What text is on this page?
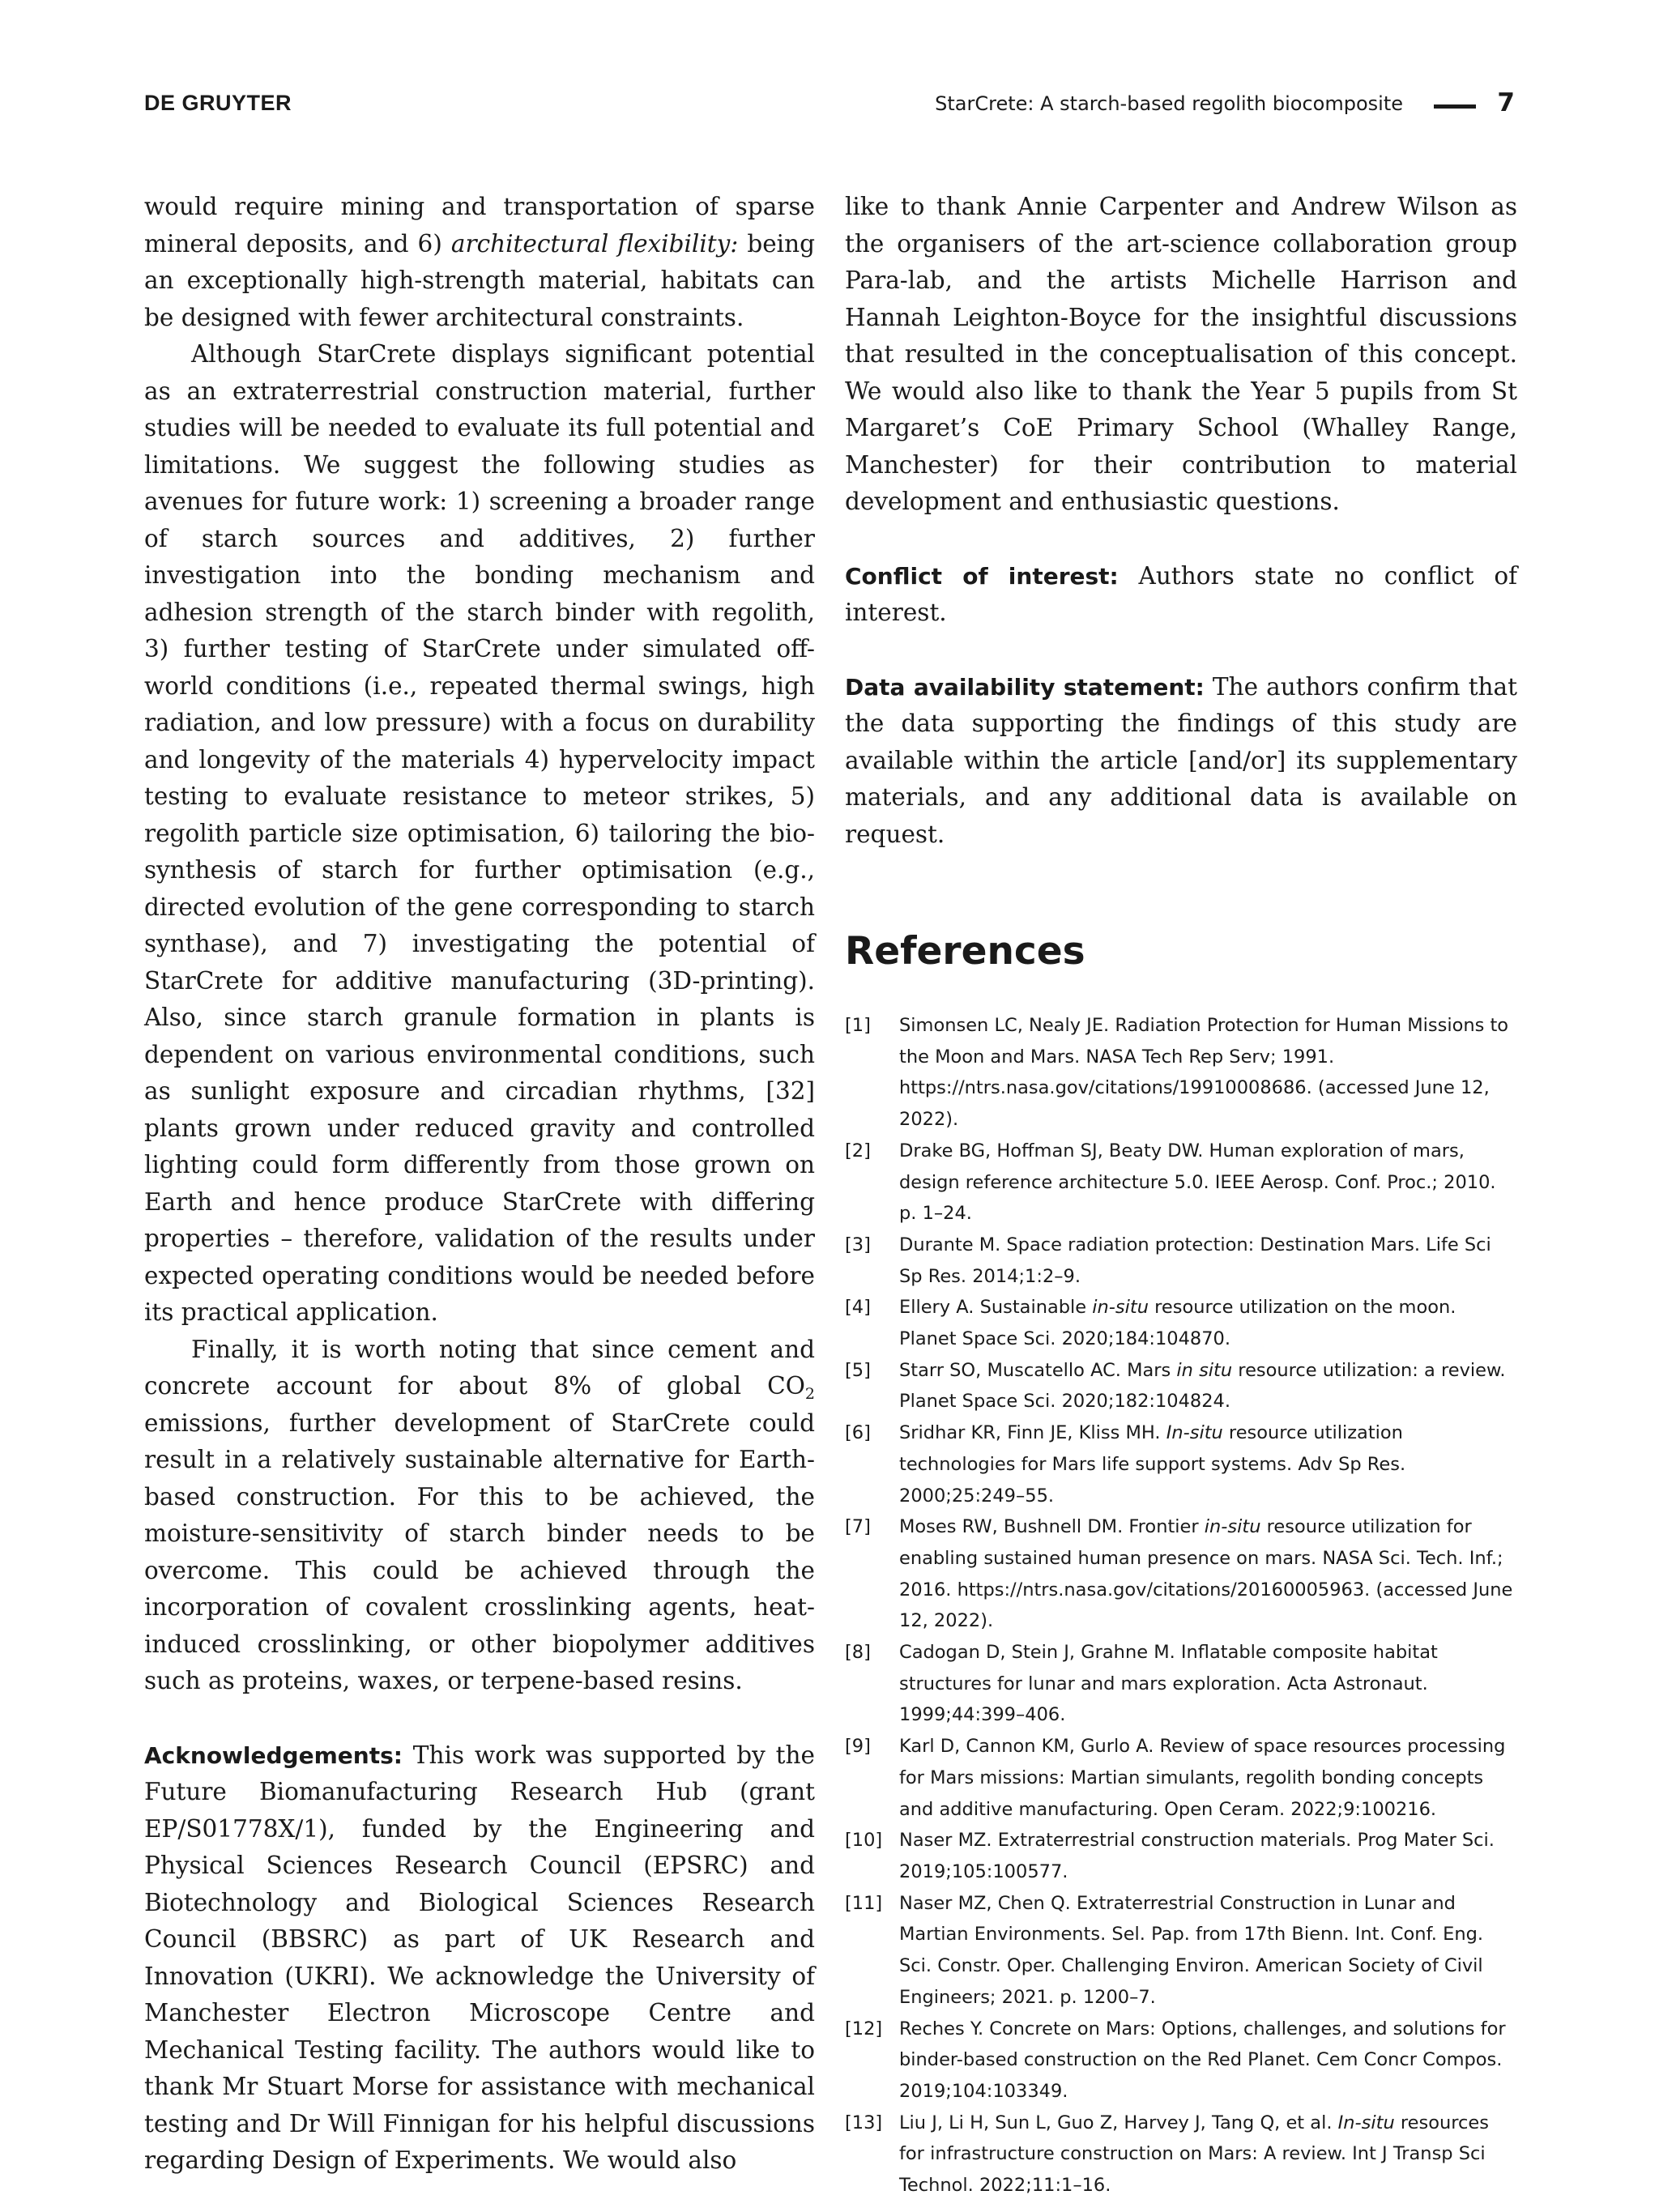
DE GRUYTER	StarCrete: A starch-based regolith biocomposite	7

would require mining and transportation of sparse mineral deposits, and 6) architectural flexibility: being an exceptionally high-strength material, habitats can be designed with fewer architectural constraints.

Although StarCrete displays significant potential as an extraterrestrial construction material, further studies will be needed to evaluate its full potential and limitations. We suggest the following studies as avenues for future work: 1) screening a broader range of starch sources and additives, 2) further investigation into the bonding mechanism and adhesion strength of the starch binder with regolith, 3) further testing of StarCrete under simulated off-world conditions (i.e., repeated thermal swings, high radiation, and low pressure) with a focus on durability and longevity of the materials 4) hypervelocity impact testing to evaluate resistance to meteor strikes, 5) regolith particle size optimisation, 6) tailoring the biosynthesis of starch for further optimisation (e.g., directed evolution of the gene corresponding to starch synthase), and 7) investigating the potential of StarCrete for additive manufacturing (3D-printing). Also, since starch granule formation in plants is dependent on various environmental conditions, such as sunlight exposure and circadian rhythms, [32] plants grown under reduced gravity and controlled lighting could form differently from those grown on Earth and hence produce StarCrete with differing properties – therefore, validation of the results under expected operating conditions would be needed before its practical application.

Finally, it is worth noting that since cement and concrete account for about 8% of global $CO_2$ emissions, further development of StarCrete could result in a relatively sustainable alternative for Earth-based construction. For this to be achieved, the moisture-sensitivity of starch binder needs to be overcome. This could be achieved through the incorporation of covalent crosslinking agents, heat-induced crosslinking, or other biopolymer additives such as proteins, waxes, or terpene-based resins.

Acknowledgements: This work was supported by the Future Biomanufacturing Research Hub (grant EP/S01778X/1), funded by the Engineering and Physical Sciences Research Council (EPSRC) and Biotechnology and Biological Sciences Research Council (BBSRC) as part of UK Research and Innovation (UKRI). We acknowledge the University of Manchester Electron Microscope Centre and Mechanical Testing facility. The authors would like to thank Mr Stuart Morse for assistance with mechanical testing and Dr Will Finnigan for his helpful discussions regarding Design of Experiments. We would also

like to thank Annie Carpenter and Andrew Wilson as the organisers of the art-science collaboration group Para-lab, and the artists Michelle Harrison and Hannah Leighton-Boyce for the insightful discussions that resulted in the conceptualisation of this concept. We would also like to thank the Year 5 pupils from St Margaret’s CoE Primary School (Whalley Range, Manchester) for their contribution to material development and enthusiastic questions.

Conflict of interest: Authors state no conflict of interest.

Data availability statement: The authors confirm that the data supporting the findings of this study are available within the article [and/or] its supplementary materials, and any additional data is available on request.

References
[1]	Simonsen LC, Nealy JE. Radiation Protection for Human Missions to the Moon and Mars. NASA Tech Rep Serv; 1991. https://ntrs.nasa.gov/citations/19910008686. (accessed June 12, 2022).
[2]	Drake BG, Hoffman SJ, Beaty DW. Human exploration of mars, design reference architecture 5.0. IEEE Aerosp. Conf. Proc.; 2010. p. 1–24.
[3]	Durante M. Space radiation protection: Destination Mars. Life Sci Sp Res. 2014;1:2–9.
[4]	Ellery A. Sustainable in-situ resource utilization on the moon. Planet Space Sci. 2020;184:104870.
[5]	Starr SO, Muscatello AC. Mars in situ resource utilization: a review. Planet Space Sci. 2020;182:104824.
[6]	Sridhar KR, Finn JE, Kliss MH. In-situ resource utilization technologies for Mars life support systems. Adv Sp Res. 2000;25:249–55.
[7]	Moses RW, Bushnell DM. Frontier in-situ resource utilization for enabling sustained human presence on mars. NASA Sci. Tech. Inf.; 2016. https://ntrs.nasa.gov/citations/20160005963. (accessed June 12, 2022).
[8]	Cadogan D, Stein J, Grahne M. Inflatable composite habitat structures for lunar and mars exploration. Acta Astronaut. 1999;44:399–406.
[9]	Karl D, Cannon KM, Gurlo A. Review of space resources processing for Mars missions: Martian simulants, regolith bonding concepts and additive manufacturing. Open Ceram. 2022;9:100216.
[10] Naser MZ. Extraterrestrial construction materials. Prog Mater Sci. 2019;105:100577.
[11] Naser MZ, Chen Q. Extraterrestrial Construction in Lunar and Martian Environments. Sel. Pap. from 17th Bienn. Int. Conf. Eng. Sci. Constr. Oper. Challenging Environ. American Society of Civil Engineers; 2021. p. 1200–7.
[12] Reches Y. Concrete on Mars: Options, challenges, and solutions for binder-based construction on the Red Planet. Cem Concr Compos. 2019;104:103349.
[13] Liu J, Li H, Sun L, Guo Z, Harvey J, Tang Q, et al. In-situ resources for infrastructure construction on Mars: A review. Int J Transp Sci Technol. 2022;11:1–16.
